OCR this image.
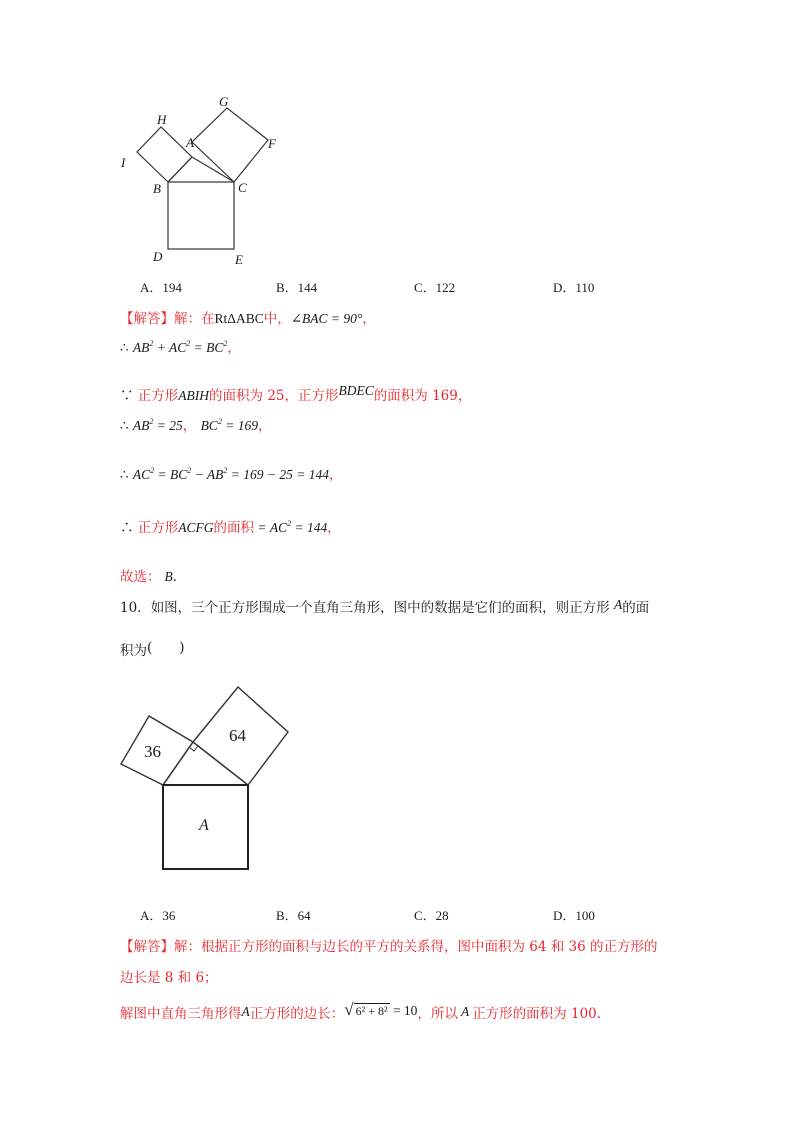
H
A
G
F
I
B	C
D	E
A．194	B．144	C．122	D．110
【解答】解：在RtΔABC中，∠BAC = 90°，
∴ $AB^2 + AC^2 = BC^2$，
∵ 正方形ABIH的面积为 25，正方形BDEC的面积为 169，
∴ $AB^2 = 25$， $BC^2 = 169$，
∴ $AC^2 = BC^2 - AB^2 = 169 - 25 = 144$，
∴ 正方形ACFG的面积 = $AC^2 = 144$，
故选： B．
10．如图，三个正方形围成一个直角三角形，图中的数据是它们的面积，则正方形 A的面
积为(　　)
36
64
A
A．36	B．64	C．28	D．100
【解答】解：根据正方形的面积与边长的平方的关系得，图中面积为 64 和 36 的正方形的
边长是 8 和 6；
解图中直角三角形得A正方形的边长：√ 6² + 8² = 10，所以 A 正方形的面积为 100.
